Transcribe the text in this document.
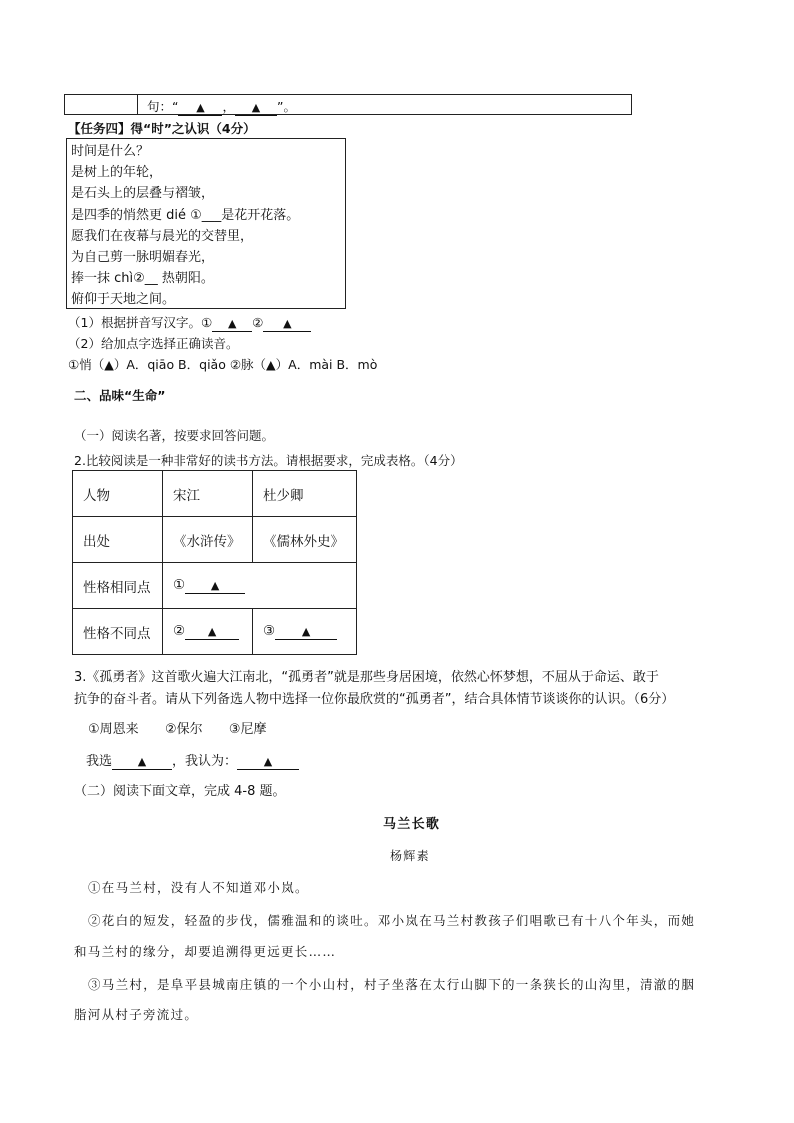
句：“ ▲ ， ▲ ”。
【任务四】得“时”之认识（4分）
时间是什么？
是树上的年轮，
是石头上的层叠与褶皱，
是四季的悄然更 dié ①___是花开花落。
愿我们在夜幕与晨光的交替里，
为自己剪一脉明媚春光，
捧一抹 chì②__ 热朝阳。
俯仰于天地之间。
（1）根据拼音写汉字。① ▲ ② ▲
（2）给加点字选择正确读音。
①悄（▲）A．qiāo B．qiǎo ②脉（▲）A．mài B．mò
二、品味“生命”
（一）阅读名著，按要求回答问题。
2.比较阅读是一种非常好的读书方法。请根据要求，完成表格。（4分）
人物	宋江	杜少卿
出处	《水浒传》	《儒林外史》
性格相同点	① ▲	
性格不同点	② ▲	③ ▲
3.《孤勇者》这首歌火遍大江南北，“孤勇者”就是那些身居困境，依然心怀梦想，不屈从于命运、敢于
抗争的奋斗者。请从下列备选人物中选择一位你最欣赏的“孤勇者”，结合具体情节谈谈你的认识。（6分）
①周恩来 ②保尔 ③尼摩
我选 ▲ ，我认为： ▲
（二）阅读下面文章，完成 4-8 题。
马兰长歌
杨辉素
①在马兰村，没有人不知道邓小岚。
②花白的短发，轻盈的步伐，儒雅温和的谈吐。邓小岚在马兰村教孩子们唱歌已有十八个年头，而她
和马兰村的缘分，却要追溯得更远更长……
③马兰村，是阜平县城南庄镇的一个小山村，村子坐落在太行山脚下的一条狭长的山沟里，清澈的胭
脂河从村子旁流过。
